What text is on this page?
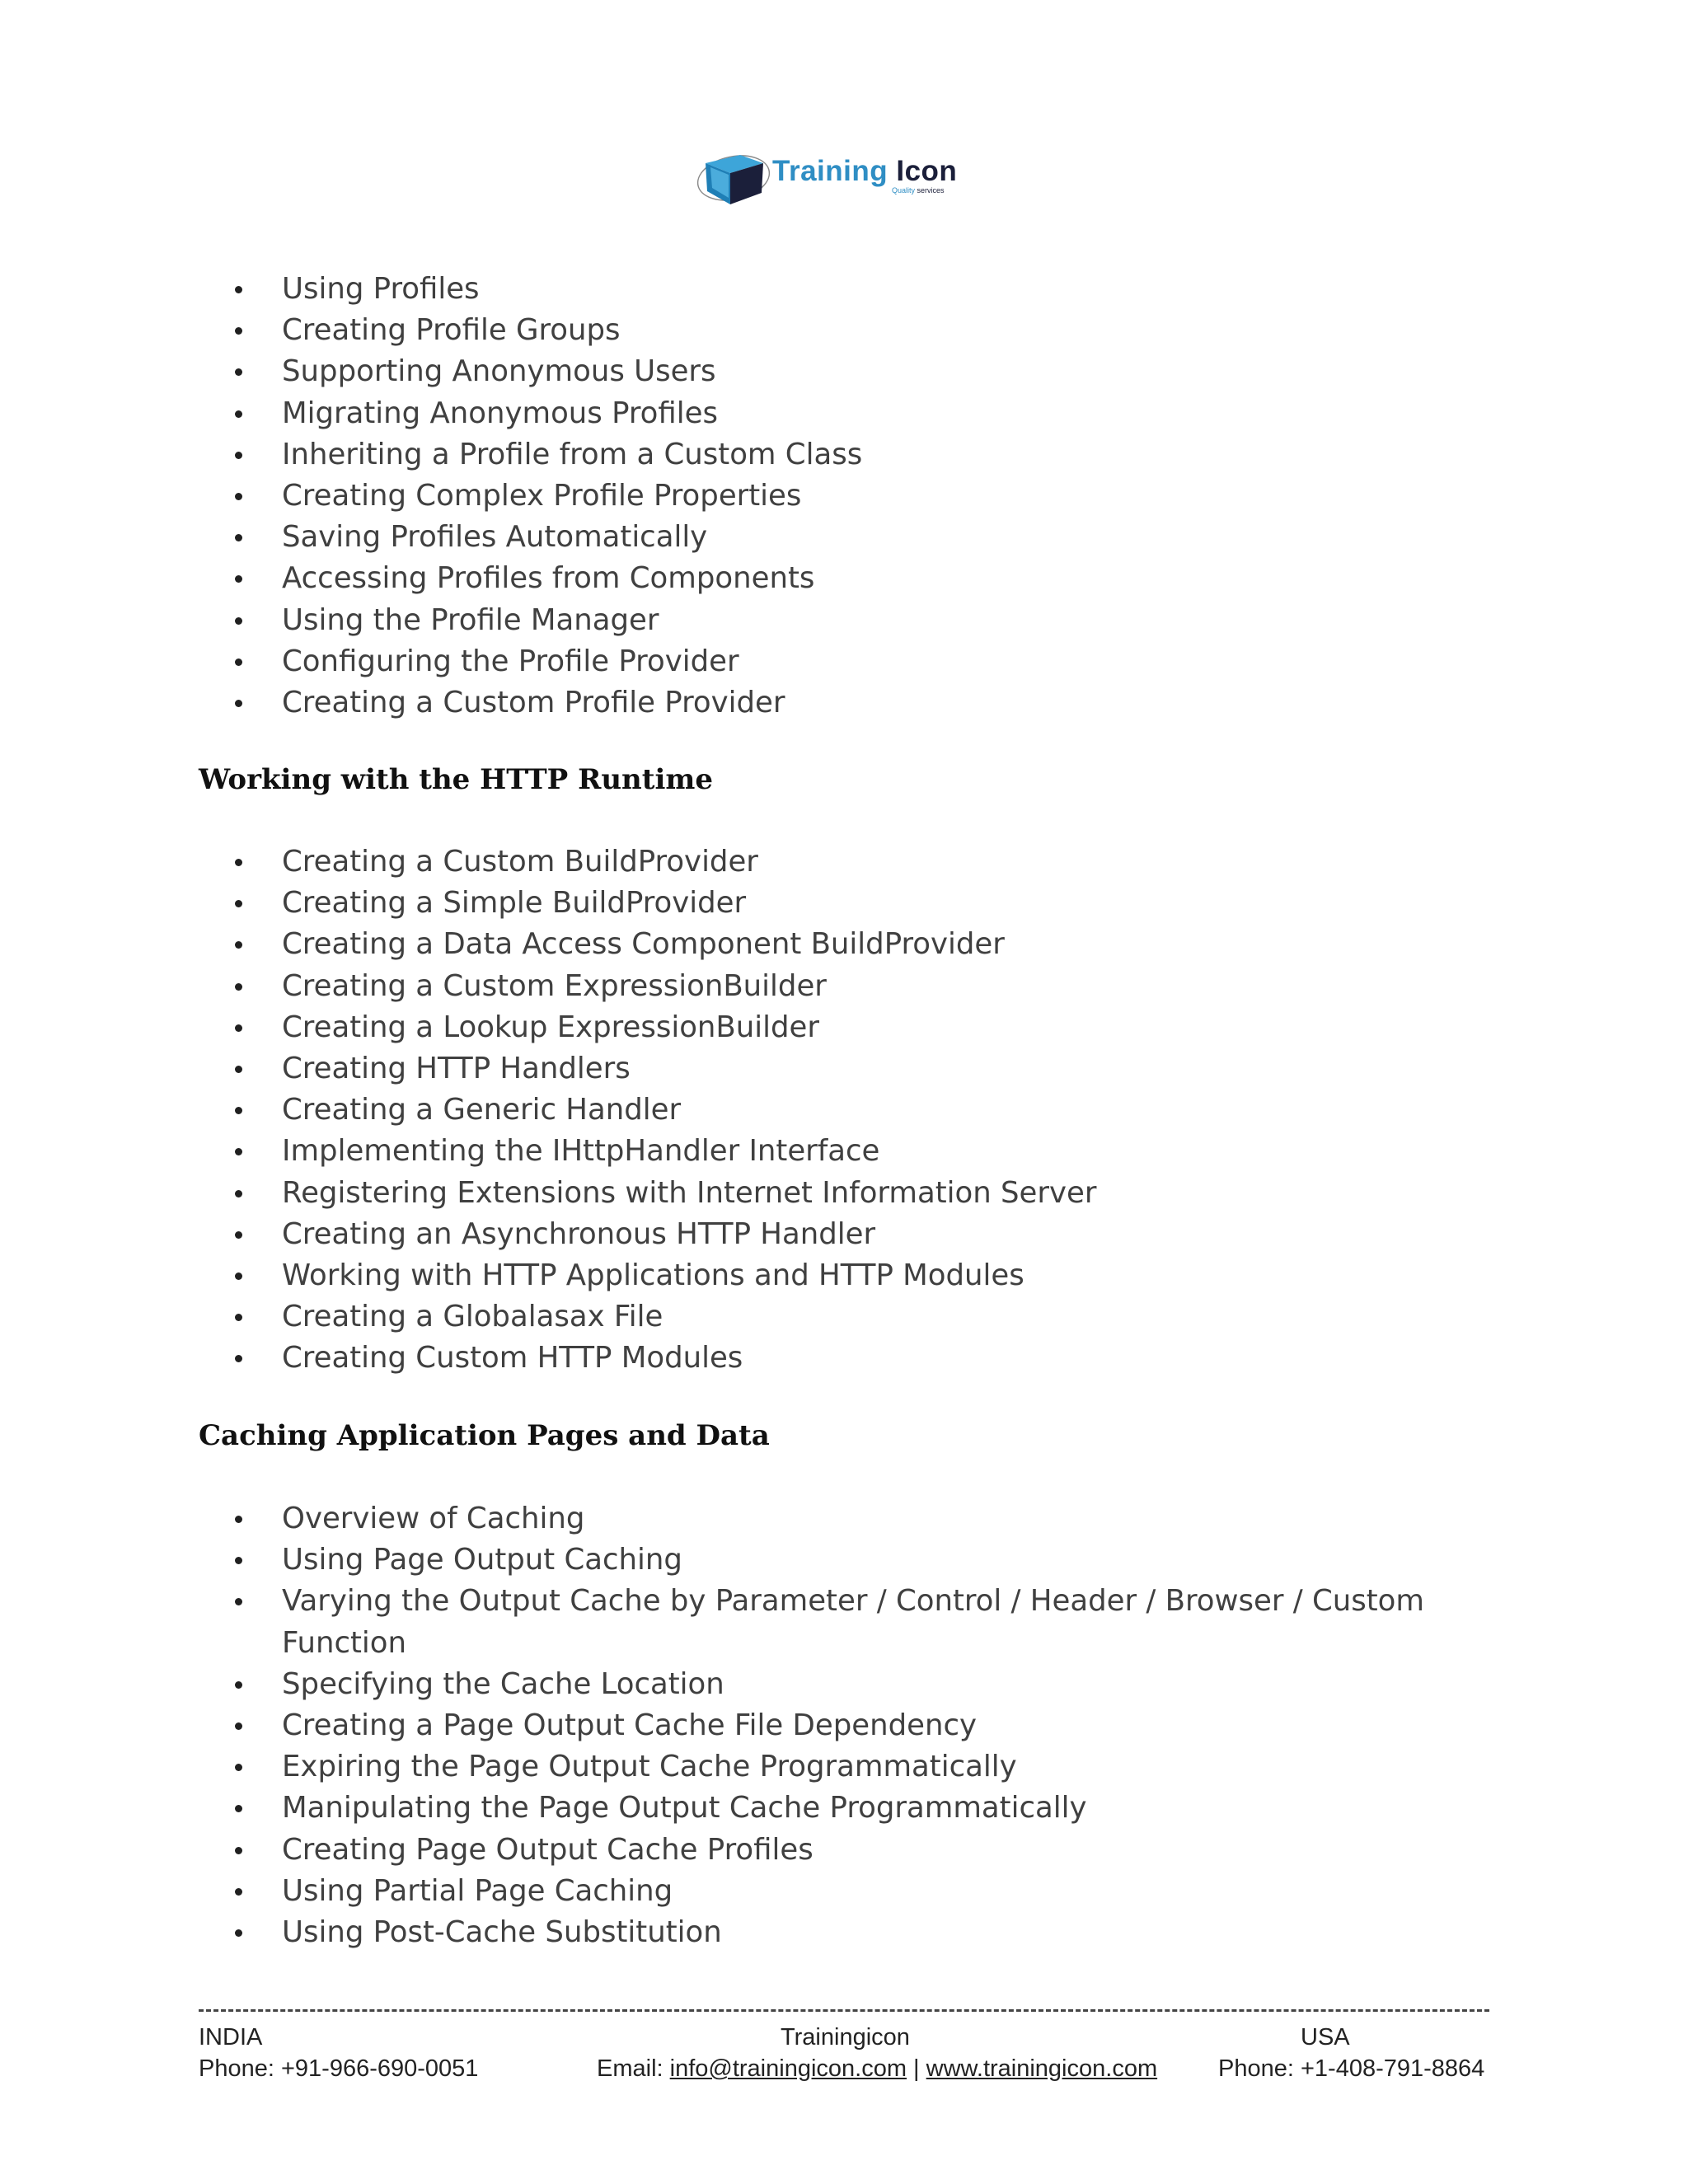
Training Icon
Quality services
Using Profiles
Creating Profile Groups
Supporting Anonymous Users
Migrating Anonymous Profiles
Inheriting a Profile from a Custom Class
Creating Complex Profile Properties
Saving Profiles Automatically
Accessing Profiles from Components
Using the Profile Manager
Configuring the Profile Provider
Creating a Custom Profile Provider
Working with the HTTP Runtime
Creating a Custom BuildProvider
Creating a Simple BuildProvider
Creating a Data Access Component BuildProvider
Creating a Custom ExpressionBuilder
Creating a Lookup ExpressionBuilder
Creating HTTP Handlers
Creating a Generic Handler
Implementing the IHttpHandler Interface
Registering Extensions with Internet Information Server
Creating an Asynchronous HTTP Handler
Working with HTTP Applications and HTTP Modules
Creating a Globalasax File
Creating Custom HTTP Modules
Caching Application Pages and Data
Overview of Caching
Using Page Output Caching
Varying the Output Cache by Parameter / Control / Header / Browser / Custom Function
Specifying the Cache Location
Creating a Page Output Cache File Dependency
Expiring the Page Output Cache Programmatically
Manipulating the Page Output Cache Programmatically
Creating Page Output Cache Profiles
Using Partial Page Caching
Using Post-Cache Substitution
INDIA
Phone: +91-966-690-0051
Trainingicon
Email: info@trainingicon.com | www.trainingicon.com
USA
Phone: +1-408-791-8864
